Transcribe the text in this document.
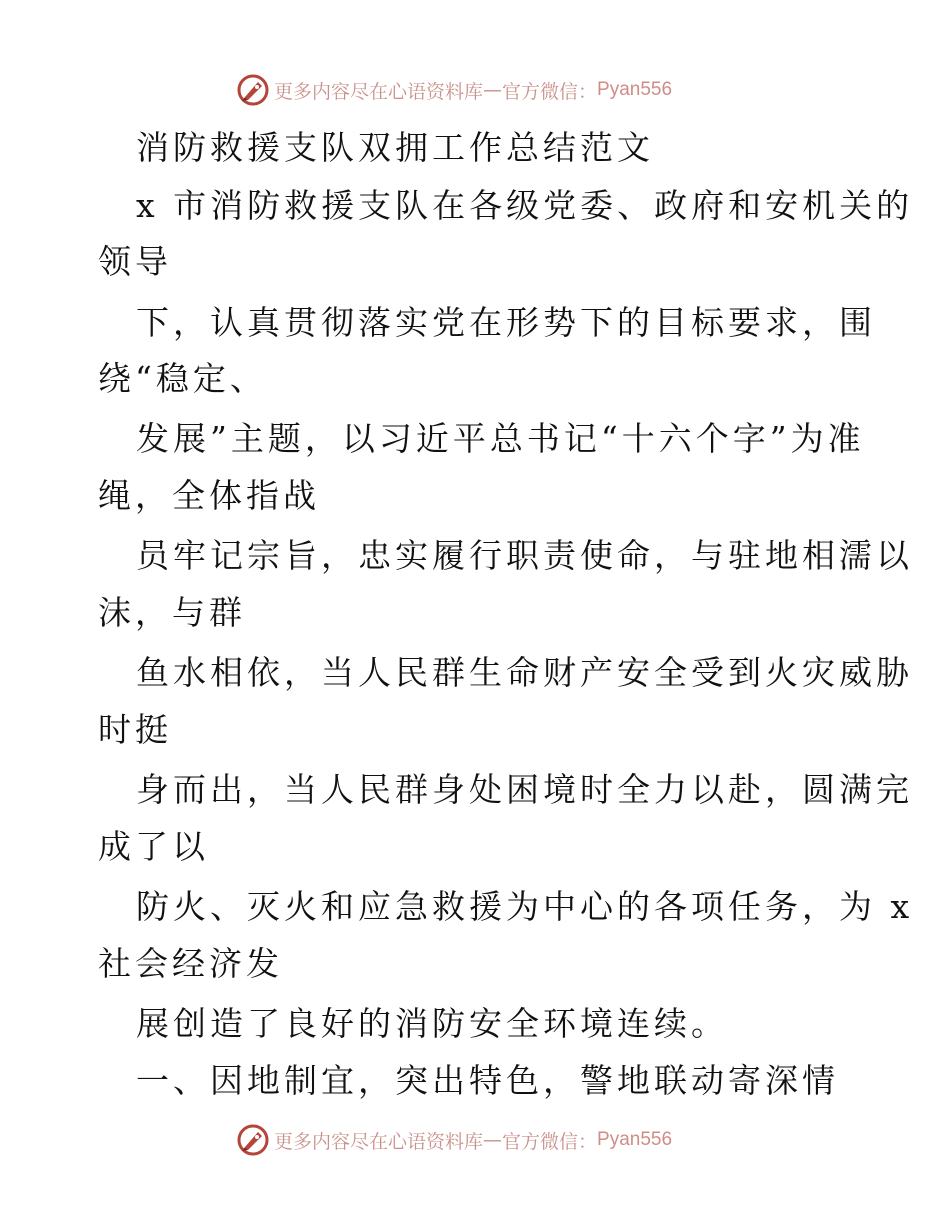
更多内容尽在心语资料库 — 官方微信： Pyan556
消防救援支队双拥工作总结范文
x 市消防救援支队在各级党委、政府和安机关的
领导
下，认真贯彻落实党在形势下的目标要求，围
绕“稳定、
发展”主题，以习近平总书记“十六个字”为准
绳，全体指战
员牢记宗旨，忠实履行职责使命，与驻地相濡以
沫，与群
鱼水相依，当人民群生命财产安全受到火灾威胁
时挺
身而出，当人民群身处困境时全力以赴，圆满完
成了以
防火、灭火和应急救援为中心的各项任务，为 x
社会经济发
展创造了良好的消防安全环境连续。
一、因地制宜，突出特色，警地联动寄深情
更多内容尽在心语资料库 — 官方微信： Pyan556
